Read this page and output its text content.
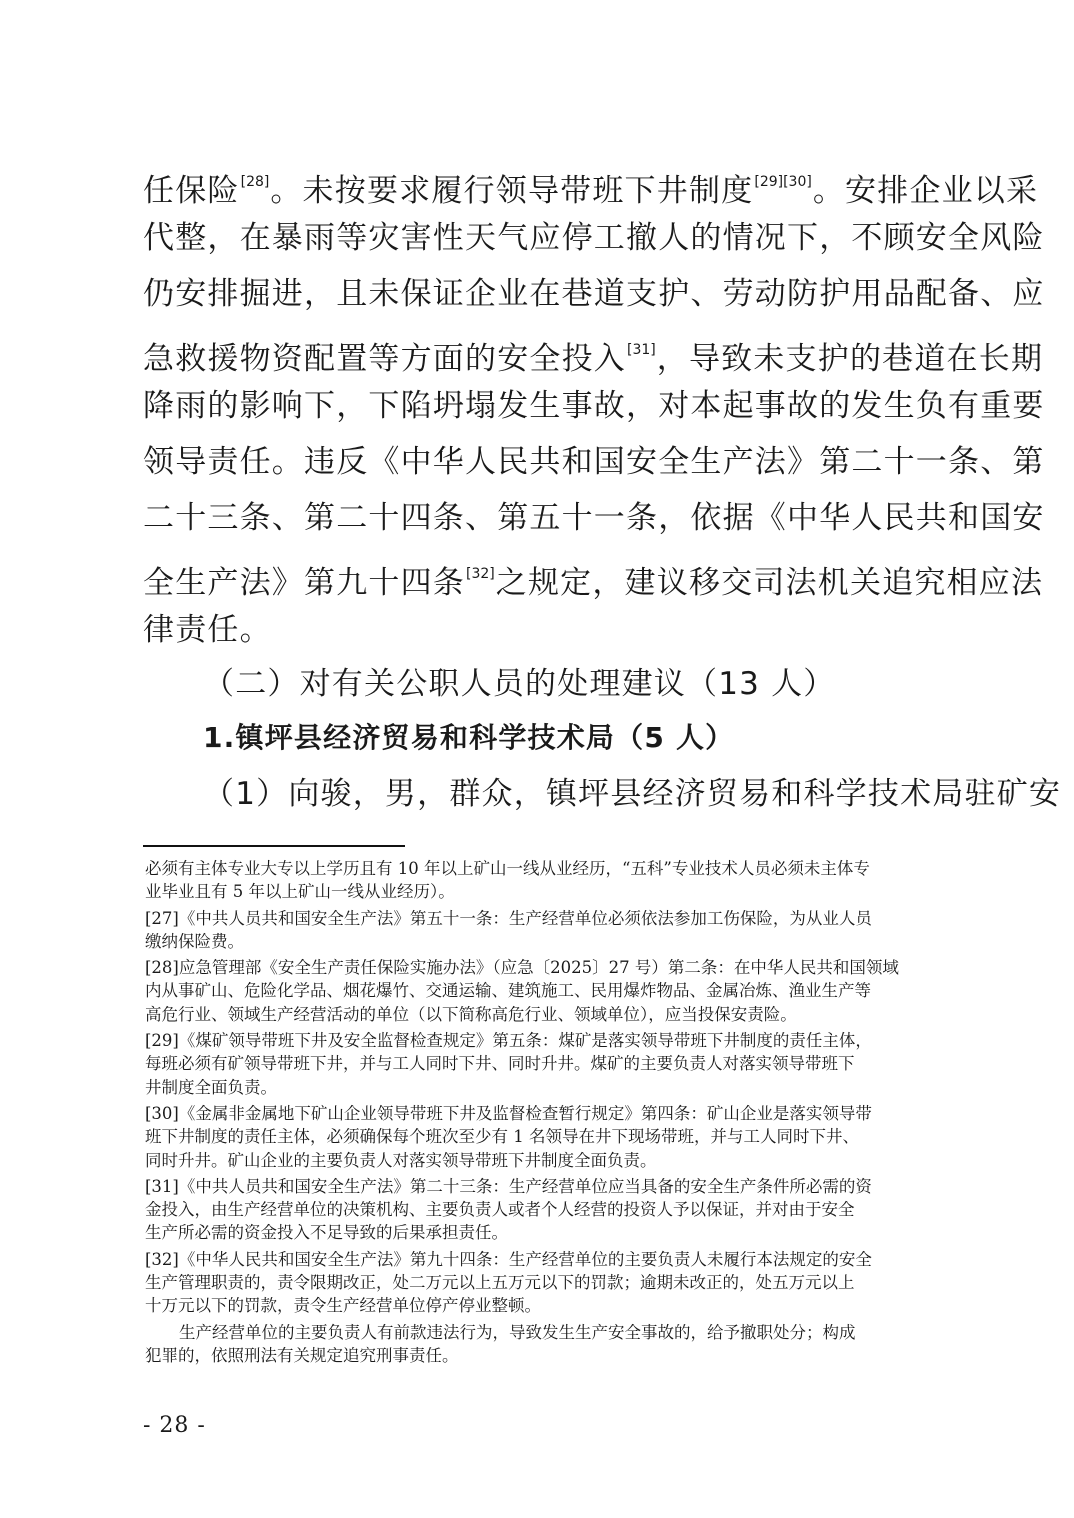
任保险[28]。未按要求履行领导带班下井制度[29][30]。安排企业以采
代整，在暴雨等灾害性天气应停工撤人的情况下，不顾安全风险
仍安排掘进，且未保证企业在巷道支护、劳动防护用品配备、应
急救援物资配置等方面的安全投入[31]，导致未支护的巷道在长期
降雨的影响下，下陷坍塌发生事故，对本起事故的发生负有重要
领导责任。违反《中华人民共和国安全生产法》第二十一条、第
二十三条、第二十四条、第五十一条，依据《中华人民共和国安
全生产法》第九十四条[32]之规定，建议移交司法机关追究相应法
律责任。
（二）对有关公职人员的处理建议（13 人）
1.镇坪县经济贸易和科学技术局（5 人）
（1）向骏，男，群众，镇坪县经济贸易和科学技术局驻矿安
必须有主体专业大专以上学历且有 10 年以上矿山一线从业经历，“五科”专业技术人员必须未主体专
业毕业且有 5 年以上矿山一线从业经历）。
[27]《中共人员共和国安全生产法》第五十一条：生产经营单位必须依法参加工伤保险，为从业人员
缴纳保险费。
[28]应急管理部《安全生产责任保险实施办法》（应急〔2025〕27 号）第二条：在中华人民共和国领域
内从事矿山、危险化学品、烟花爆竹、交通运输、建筑施工、民用爆炸物品、金属冶炼、渔业生产等
高危行业、领域生产经营活动的单位（以下简称高危行业、领域单位），应当投保安责险。
[29]《煤矿领导带班下井及安全监督检查规定》第五条：煤矿是落实领导带班下井制度的责任主体，
每班必须有矿领导带班下井，并与工人同时下井、同时升井。煤矿的主要负责人对落实领导带班下
井制度全面负责。
[30]《金属非金属地下矿山企业领导带班下井及监督检查暂行规定》第四条：矿山企业是落实领导带
班下井制度的责任主体，必须确保每个班次至少有 1 名领导在井下现场带班，并与工人同时下井、
同时升井。矿山企业的主要负责人对落实领导带班下井制度全面负责。
[31]《中共人员共和国安全生产法》第二十三条：生产经营单位应当具备的安全生产条件所必需的资
金投入，由生产经营单位的决策机构、主要负责人或者个人经营的投资人予以保证，并对由于安全
生产所必需的资金投入不足导致的后果承担责任。
[32]《中华人民共和国安全生产法》第九十四条：生产经营单位的主要负责人未履行本法规定的安全
生产管理职责的，责令限期改正，处二万元以上五万元以下的罚款；逾期未改正的，处五万元以上
十万元以下的罚款，责令生产经营单位停产停业整顿。
生产经营单位的主要负责人有前款违法行为，导致发生生产安全事故的，给予撤职处分；构成
犯罪的，依照刑法有关规定追究刑事责任。
- 28 -
